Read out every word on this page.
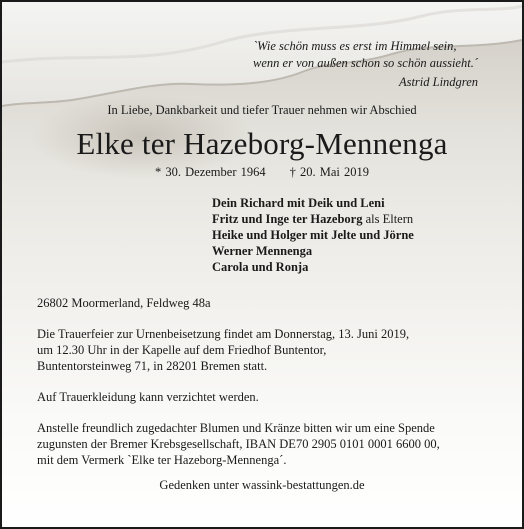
`Wie schön muss es erst im Himmel sein,
wenn er von außen schon so schön aussieht.´
Astrid Lindgren
In Liebe, Dankbarkeit und tiefer Trauer nehmen wir Abschied
Elke ter Hazeborg-Mennenga
* 30. Dezember 1964 † 20. Mai 2019
Dein Richard mit Deik und Leni
Fritz und Inge ter Hazeborg als Eltern
Heike und Holger mit Jelte und Jörne
Werner Mennenga
Carola und Ronja

26802 Moormerland, Feldweg 48a

Die Trauerfeier zur Urnenbeisetzung findet am Donnerstag, 13. Juni 2019,
um 12.30 Uhr in der Kapelle auf dem Friedhof Buntentor,
Buntentorsteinweg 71, in 28201 Bremen statt.

Auf Trauerkleidung kann verzichtet werden.

Anstelle freundlich zugedachter Blumen und Kränze bitten wir um eine Spende
zugunsten der Bremer Krebsgesellschaft, IBAN DE70 2905 0101 0001 6600 00,
mit dem Vermerk `Elke ter Hazeborg-Mennenga´.

Gedenken unter wassink-bestattungen.de
